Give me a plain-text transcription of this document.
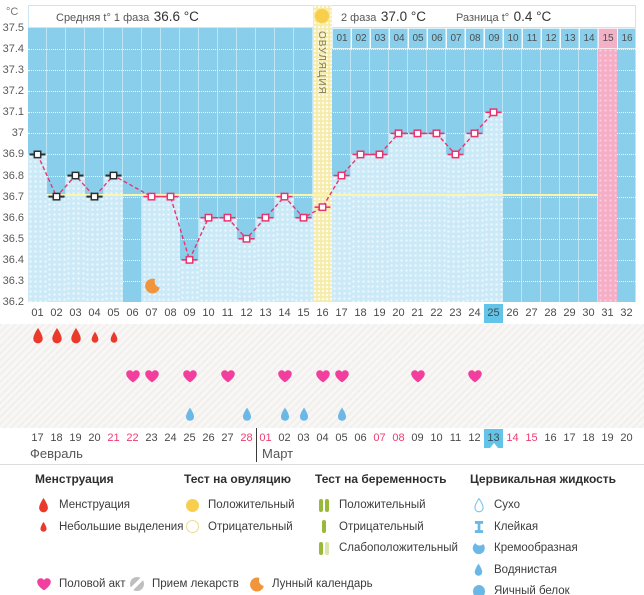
°C	Средняя t° 1 фаза 36.6 °C	2 фаза 37.0 °C	Разница t° 0.4 °C
37.5
37.4
37.3
37.2
37.1
37
36.9
36.8
36.7
36.6
36.5
36.4
36.3
36.2
ОВУЛЯЦИЯ 01 02 03 04 05 06 07 08 09 10 11 12 13 14 15 16
01 02 03 04 05 06 07 08 09 10 11 12 13 14 15 16 17 18 19 20 21 22 23 24 25 26 27 28 29 30 31 32
17 18 19 20 21 22 23 24 25 26 27 28 01 02 03 04 05 06 07 08 09 10 11 12 13 14 15 16 17 18 19 20
Февраль	Март
Менструация
Менструация
Небольшие выделения
Тест на овуляцию
Положительный
Отрицательный
Тест на беременность
Положительный
Отрицательный
Слабоположительный
Цервикальная жидкость
Сухо
Клейкая
Кремообразная
Водянистая
Яичный белок
Половой акт Прием лекарств	Лунный календарь
